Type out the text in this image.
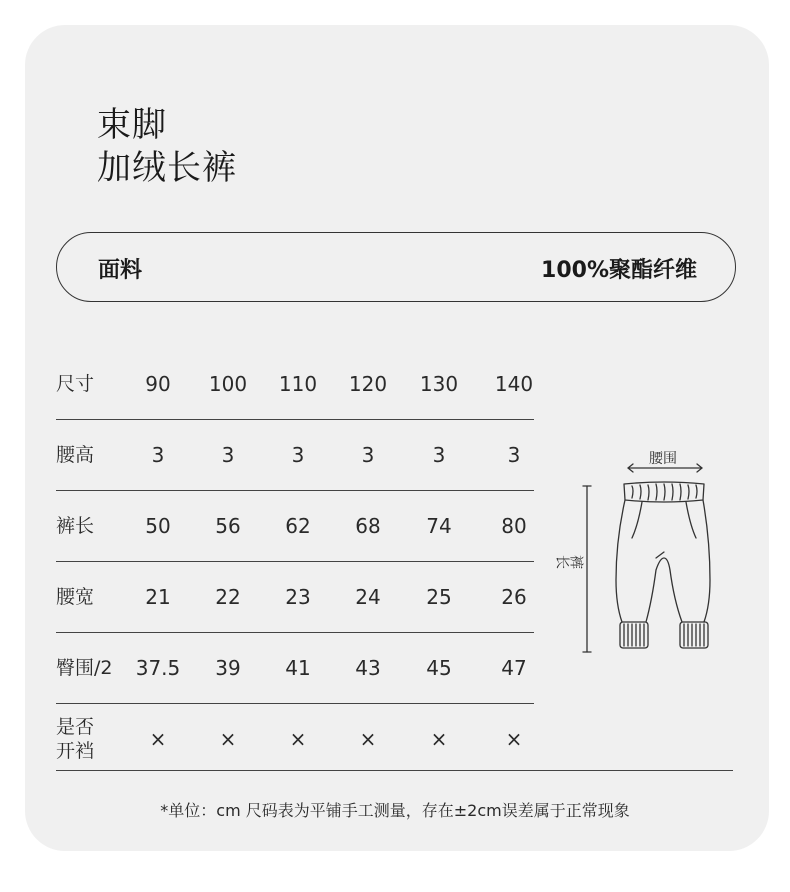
束脚
加绒长裤
面料	100%聚酯纤维
尺寸	90	100	110	120	130	140
腰高	3	3	3	3	3	3
裤长	50	56	62	68	74	80
腰宽	21	22	23	24	25	26
臀围/2 37.5	39	41	43	45	47
是否
开裆	×	×	×	×	×	×
腰围
裤长
*单位：cm 尺码表为平铺手工测量，存在±2cm误差属于正常现象
